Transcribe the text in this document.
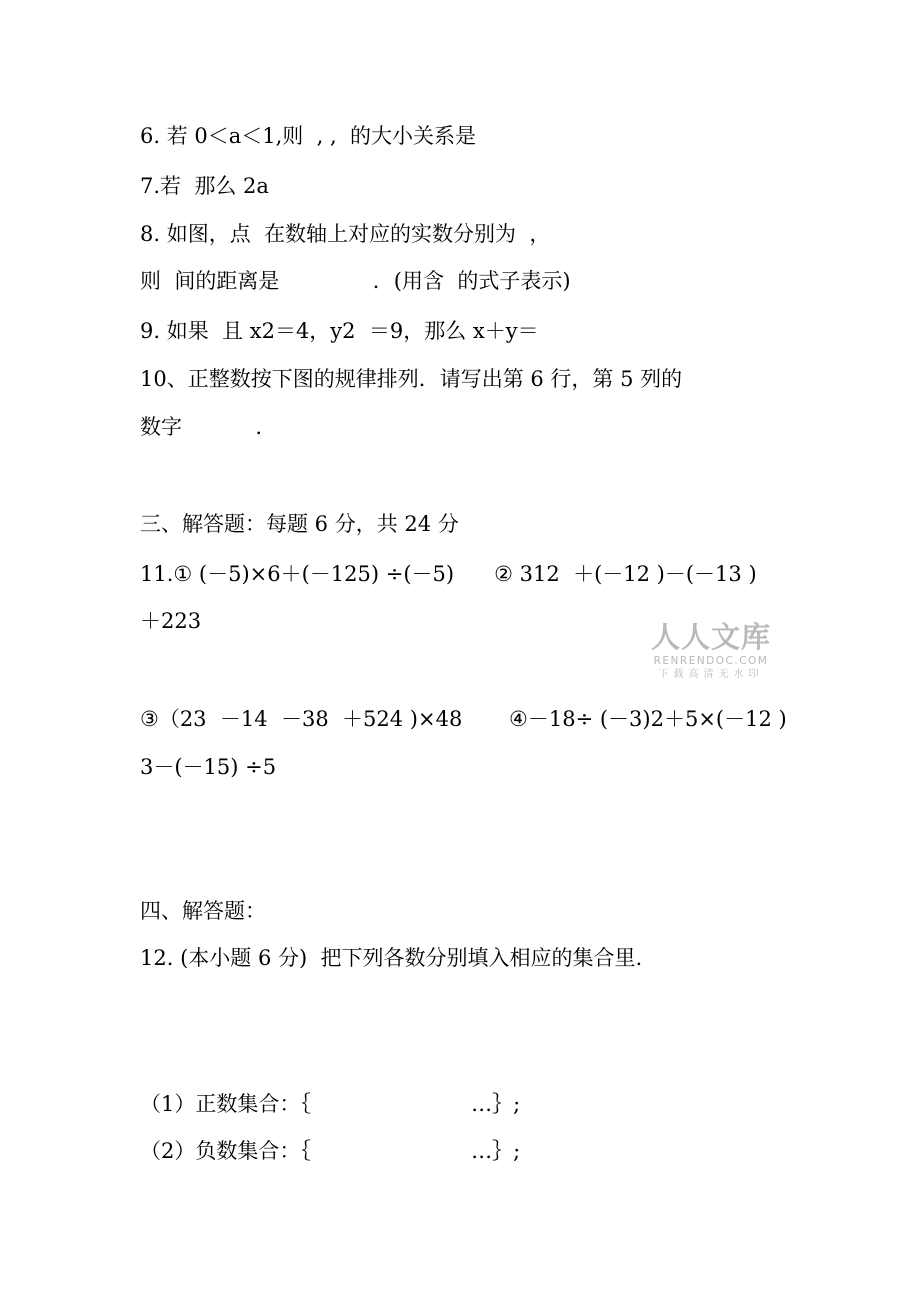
6. 若 0＜a＜1,则  , ,  的大小关系是
7.若  那么 2a
8. 如图，点  在数轴上对应的实数分别为  ，
则  间的距离是              ．(用含  的式子表示)
9. 如果  且 x2＝4，y2  ＝9，那么 x＋y＝
10、正整数按下图的规律排列．请写出第 6 行，第 5 列的
数字           .
三、解答题：每题 6 分，共 24 分
11.① (－5)×6＋(－125) ÷(－5)      ② 312  ＋(－12 )－(－13 )
＋223
③（23  －14  －38  ＋524 )×48       ④－18÷ (－3)2＋5×(－12 )
3－(－15) ÷5
四、解答题：
12. (本小题 6 分)  把下列各数分别填入相应的集合里.
（1）正数集合：｛                        …｝;
（2）负数集合：｛                        …｝;
人人文库
RENRENDOC.COM
下载高清无水印
